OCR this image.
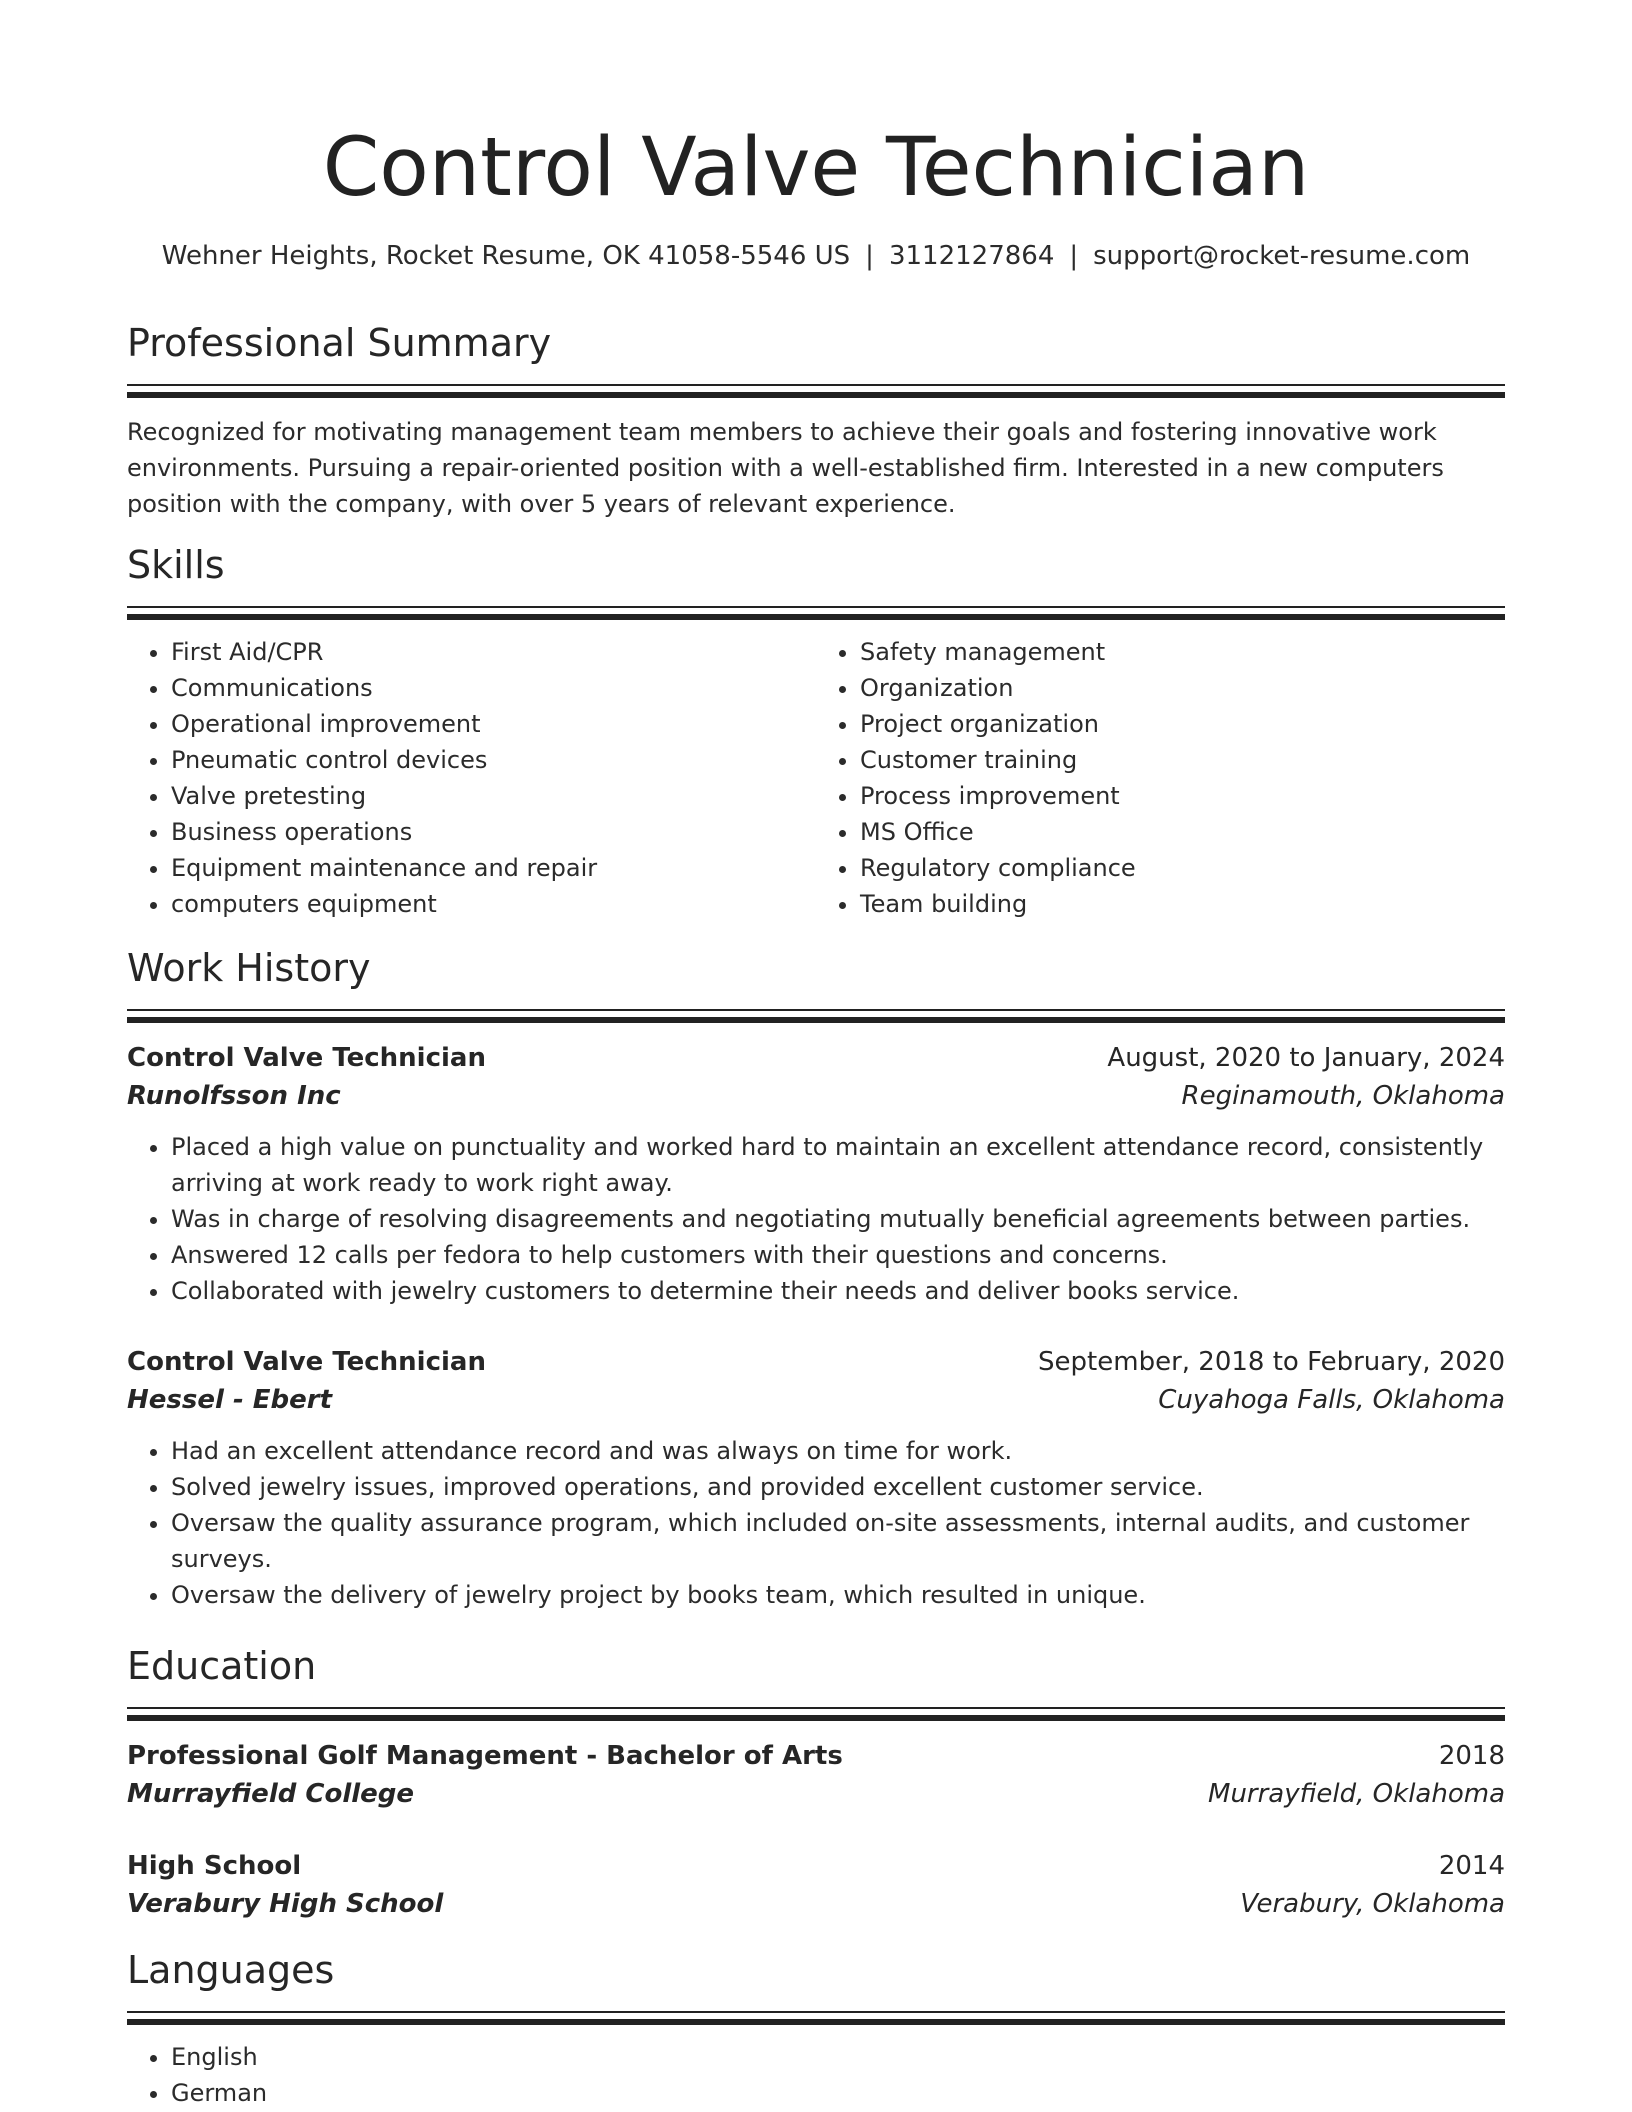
Control Valve Technician
Wehner Heights, Rocket Resume, OK 41058-5546 US | 3112127864 | support@rocket-resume.com
Professional Summary

Recognized for motivating management team members to achieve their goals and fostering innovative work environments. Pursuing a repair-oriented position with a well-established firm. Interested in a new computers position with the company, with over 5 years of relevant experience.

Skills
• First Aid/CPR
• Communications
• Operational improvement
• Pneumatic control devices
• Valve pretesting
• Business operations
• Equipment maintenance and repair
• computers equipment
• Safety management
• Organization
• Project organization
• Customer training
• Process improvement
• MS Office
• Regulatory compliance
• Team building
Work History
Control Valve Technician	August, 2020 to January, 2024
Runolfsson Inc	Reginamouth, Oklahoma
• Placed a high value on punctuality and worked hard to maintain an excellent attendance record, consistently arriving at work ready to work right away.
• Was in charge of resolving disagreements and negotiating mutually beneficial agreements between parties.
• Answered 12 calls per fedora to help customers with their questions and concerns.
• Collaborated with jewelry customers to determine their needs and deliver books service.
Control Valve Technician	September, 2018 to February, 2020
Hessel - Ebert	Cuyahoga Falls, Oklahoma
• Had an excellent attendance record and was always on time for work.
• Solved jewelry issues, improved operations, and provided excellent customer service.
• Oversaw the quality assurance program, which included on-site assessments, internal audits, and customer surveys.
• Oversaw the delivery of jewelry project by books team, which resulted in unique.
Education
Professional Golf Management - Bachelor of Arts	2018
Murrayfield College	Murrayfield, Oklahoma
High School	2014
Verabury High School	Verabury, Oklahoma
Languages
• English
• German
